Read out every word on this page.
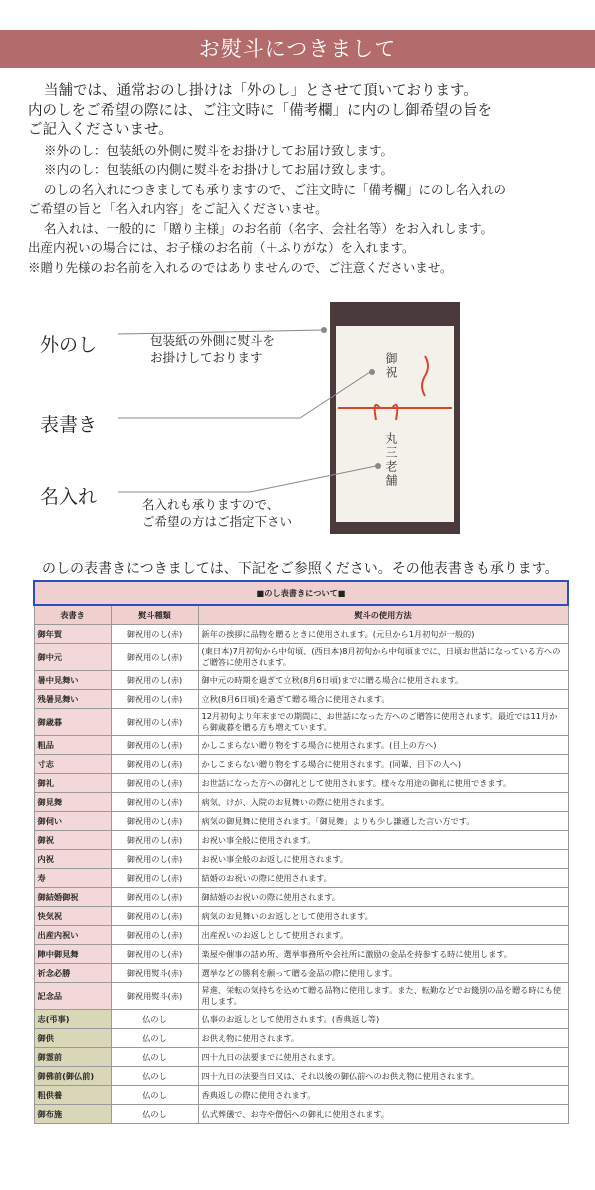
お熨斗につきまして

当舗では、通常おのし掛けは「外のし」とさせて頂いております。

内のしをご希望の際には、ご注文時に「備考欄」に内のし御希望の旨を

ご記入くださいませ。

※外のし：包装紙の外側に熨斗をお掛けしてお届け致します。

※内のし：包装紙の内側に熨斗をお掛けしてお届け致します。

のしの名入れにつきましても承りますので、ご注文時に「備考欄」にのし名入れの

ご希望の旨と「名入れ内容」をご記入くださいませ。

名入れは、一般的に「贈り主様」のお名前（名字、会社名等）をお入れします。

出産内祝いの場合には、お子様のお名前（＋ふりがな）を入れます。

※贈り先様のお名前を入れるのではありませんので、ご注意くださいませ。

外のし	包装紙の外側に熨斗を
お掛けしております
表書き
名入れ	名入れも承りますので、
ご希望の方はご指定下さい
御祝
丸三老舗
のしの表書きにつきましては、下記をご参照ください。その他表書きも承ります。
■のし表書きについて■		
表書き	熨斗種類	熨斗の使用方法
御年賀	御祝用のし(赤)	新年の挨拶に品物を贈るときに使用されます。(元旦から1月初旬が一般的)
御中元	御祝用のし(赤)	(東日本)7月初旬から中旬頃、(西日本)8月初旬から中旬頃までに、日頃お世話になっている方へのご贈答に使用されます。
暑中見舞い	御祝用のし(赤)	御中元の時期を過ぎて立秋(8月6日頃)までに贈る場合に使用されます。
残暑見舞い	御祝用のし(赤)	立秋(8月6日頃)を過ぎて贈る場合に使用されます。
御歳暮	御祝用のし(赤)	12月初旬より年末までの期間に、お世話になった方へのご贈答に使用されます。最近では11月から御歳暮を贈る方も増えています。
粗品	御祝用のし(赤)	かしこまらない贈り物をする場合に使用されます。(目上の方へ)
寸志	御祝用のし(赤)	かしこまらない贈り物をする場合に使用されます。(同輩、目下の人へ)
御礼	御祝用のし(赤)	お世話になった方への御礼として使用されます。様々な用途の御礼に使用できます。
御見舞	御祝用のし(赤)	病気、けが、入院のお見舞いの際に使用されます。
御伺い	御祝用のし(赤)	病気の御見舞に使用されます。「御見舞」よりも少し謙遜した言い方です。
御祝	御祝用のし(赤)	お祝い事全般に使用されます。
内祝	御祝用のし(赤)	お祝い事全般のお返しに使用されます。
寿	御祝用のし(赤)	結婚のお祝いの際に使用されます。
御結婚御祝	御祝用のし(赤)	御結婚のお祝いの際に使用されます。
快気祝	御祝用のし(赤)	病気のお見舞いのお返しとして使用されます。
出産内祝い	御祝用のし(赤)	出産祝いのお返しとして使用されます。
陣中御見舞	御祝用のし(赤)	楽屋や催事の詰め所、選挙事務所や会社所に激励の金品を持参する時に使用します。
祈念必勝	御祝用熨斗(赤)	選挙などの勝利を願って贈る金品の際に使用します。
記念品	御祝用熨斗(赤)	昇進、栄転の気持ちを込めて贈る品物に使用します。また、転勤などでお餞別の品を贈る時にも使用します。
志(弔事)	仏のし	仏事のお返しとして使用されます。(香典返し等)
御供	仏のし	お供え物に使用されます。
御霊前	仏のし	四十九日の法要までに使用されます。
御佛前(御仏前)	仏のし	四十九日の法要当日又は、それ以後の御仏前へのお供え物に使用されます。
粗供養	仏のし	香典返しの際に使用されます。
御布施	仏のし	仏式葬儀で、お寺や僧侶への御礼に使用されます。
